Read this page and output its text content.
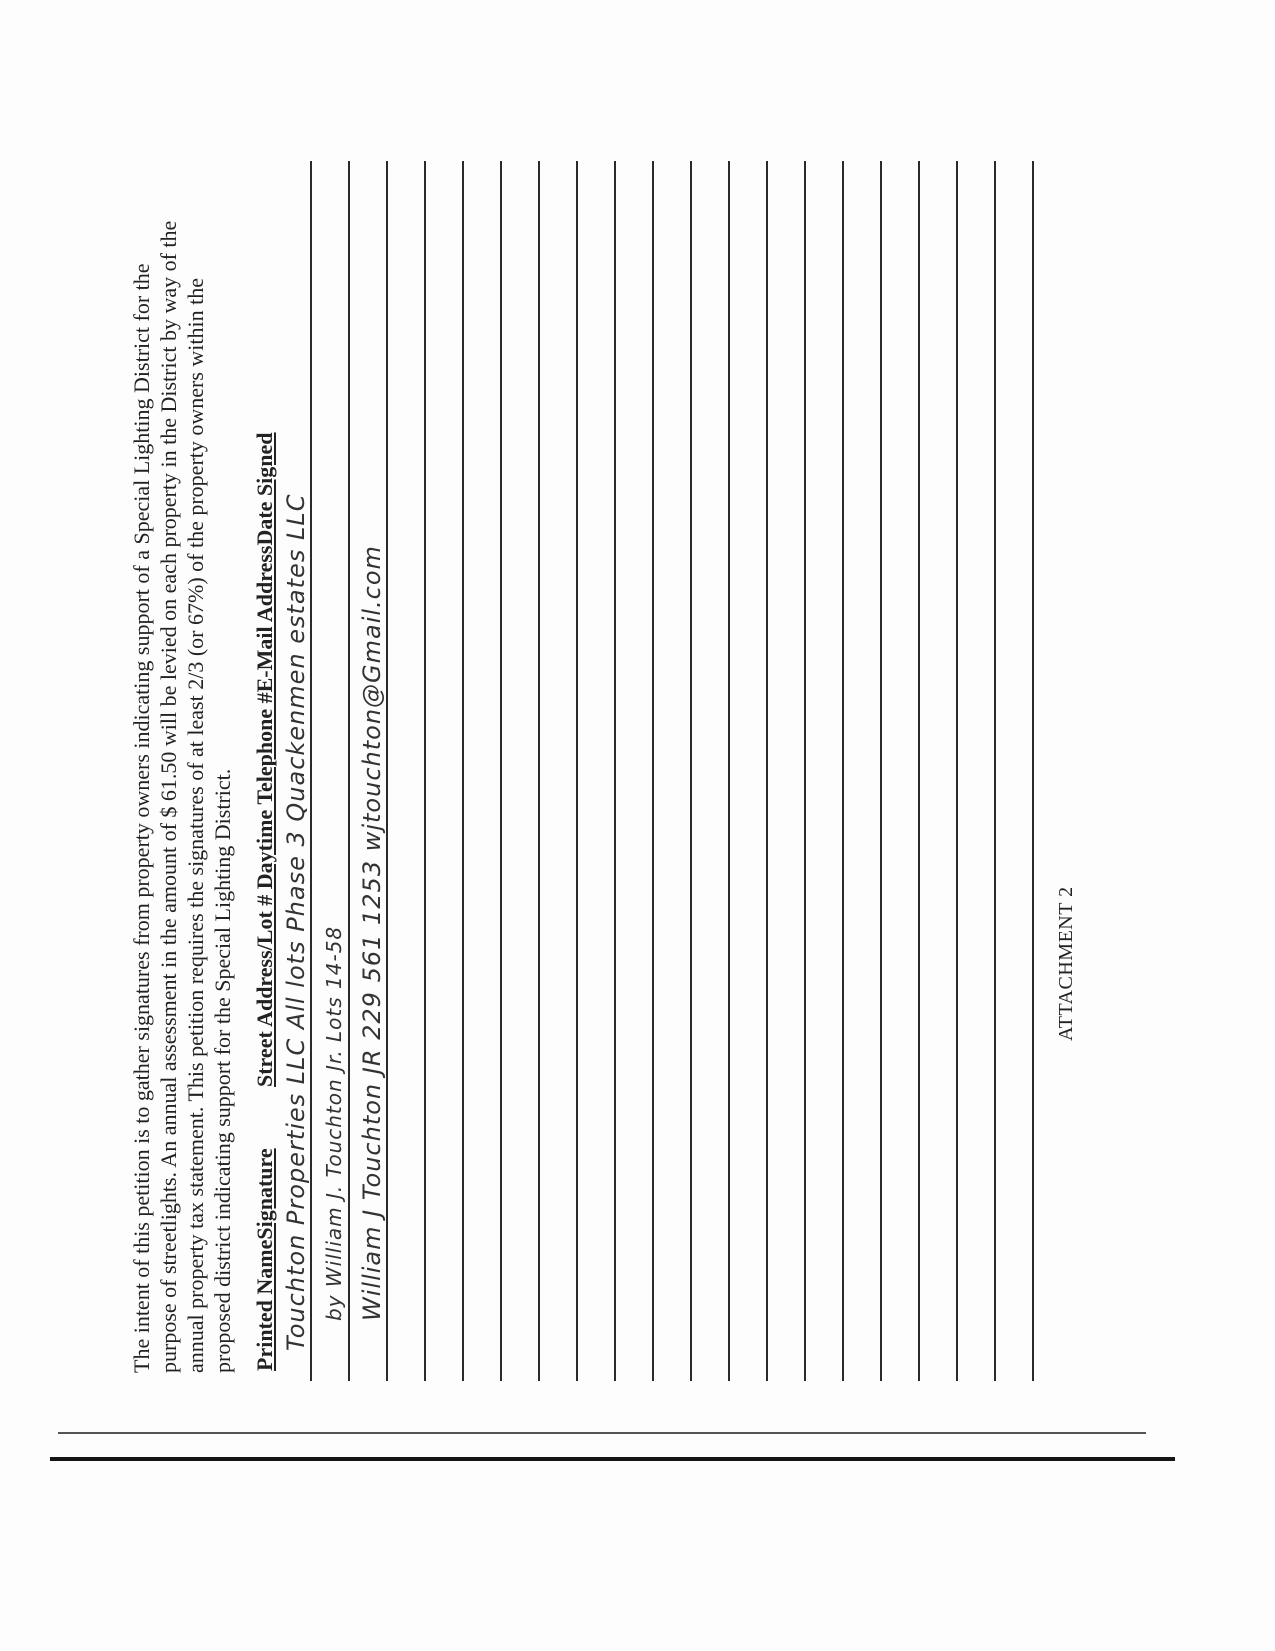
The intent of this petition is to gather signatures from property owners indicating support of a Special Lighting District for the purpose of streetlights. An annual assessment in the amount of $ 61.50 will be levied on each property in the District by way of the annual property tax statement. This petition requires the signatures of at least 2/3 (or 67%) of the property owners within the proposed district indicating support for the Special Lighting District. Printed NameSignature
Street Address/Lot # Daytime Telephone #E-Mail AddressDate Signed Touchton Properties LLC All lots Phase 3 Quackenmen estates LLC by William J. Touchton Jr. Lots 14-58 William J Touchton JR 229 561 1253 wjtouchton@Gmail.com	ATTACHMENT 2
